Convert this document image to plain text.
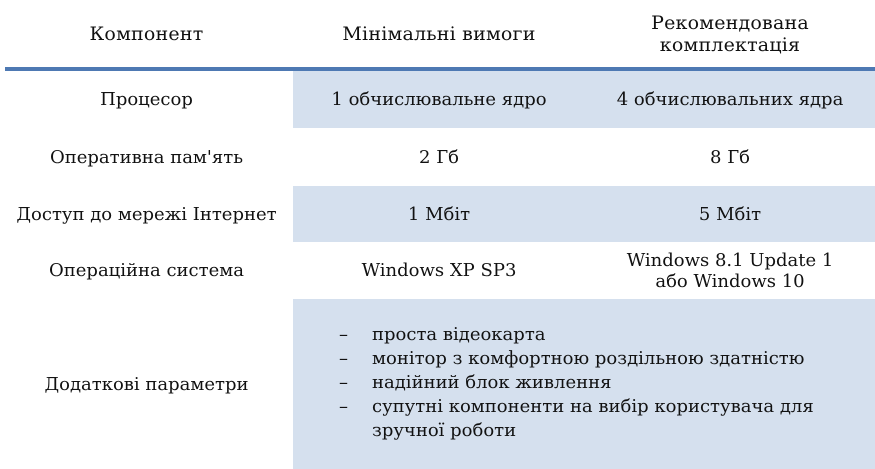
Компонент	Мінімальні вимоги	Рекомендована
комплектація
Процесор	1 обчислювальне ядро	4 обчислювальних ядра
Оперативна пам'ять	2 Гб	8 Гб
Доступ до мережі Інтернет	1 Мбіт	5 Мбіт
Операційна система	Windows XP SP3	Windows 8.1 Update 1
або Windows 10
Додаткові параметри
– проста відеокарта
– монітор з комфортною роздільною здатністю
– надійний блок живлення
– супутні компоненти на вибір користувача для
зручної роботи
